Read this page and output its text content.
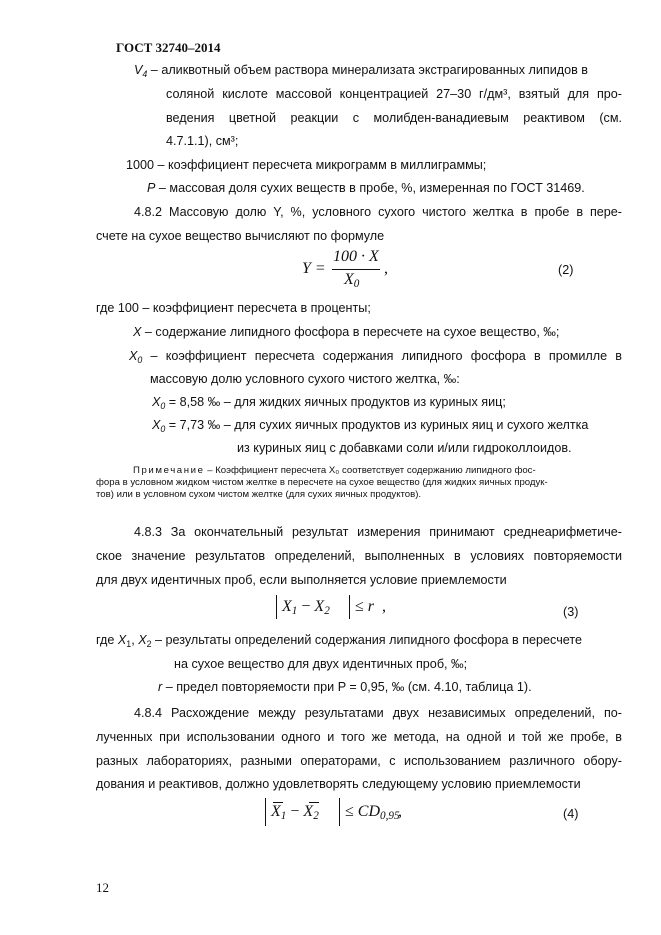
ГОСТ 32740–2014
$V_4$ – аликвотный объем раствора минерализата экстрагированных липидов в
соляной кислоте массовой концентрацией 27–30 г/дм³, взятый для про-
ведения цветной реакции с молибден-ванадиевым реактивом (см.
4.7.1.1), см³;
1000 – коэффициент пересчета микрограмм в миллиграммы;
P – массовая доля сухих веществ в пробе, %, измеренная по ГОСТ 31469.
4.8.2 Массовую долю Y, %, условного сухого чистого желтка в пробе в пере-
счете на сухое вещество вычисляют по формуле
Y =
100 · X
$X_0$
,	(2)
где 100 – коэффициент пересчета в проценты;
X – содержание липидного фосфора в пересчете на сухое вещество, ‰;
$X_0$ – коэффициент пересчета содержания липидного фосфора в промилле в
массовую долю условного сухого чистого желтка, ‰:
$X_0 = 8,58$ ‰ – для жидких яичных продуктов из куриных яиц;
$X_0 = 7,73$ ‰ – для сухих яичных продуктов из куриных яиц и сухого желтка
из куриных яиц с добавками соли и/или гидроколлоидов.
Примечание – Коэффициент пересчета X₀ соответствует содержанию липидного фос-
фора в условном жидком чистом желтке в пересчете на сухое вещество (для жидких яичных продук-
тов) или в условном сухом чистом желтке (для сухих яичных продуктов).
4.8.3 За окончательный результат измерения принимают среднеарифметиче-
ское значение результатов определений, выполненных в условиях повторяемости
для двух идентичных проб, если выполняется условие приемлемости
$X_1 - X_2 \le r$ ,	(3)
где $X_1$, $X_2$ – результаты определений содержания липидного фосфора в пересчете
на сухое вещество для двух идентичных проб, ‰;
r – предел повторяемости при P = 0,95, ‰ (см. 4.10, таблица 1).
4.8.4 Расхождение между результатами двух независимых определений, по-
лученных при использовании одного и того же метода, на одной и той же пробе, в
разных лабораториях, разными операторами, с использованием различного обору-
дования и реактивов, должно удовлетворять следующему условию приемлемости
$X_1 - X_2 \le CD_{0,95}$
,	(4)
12
